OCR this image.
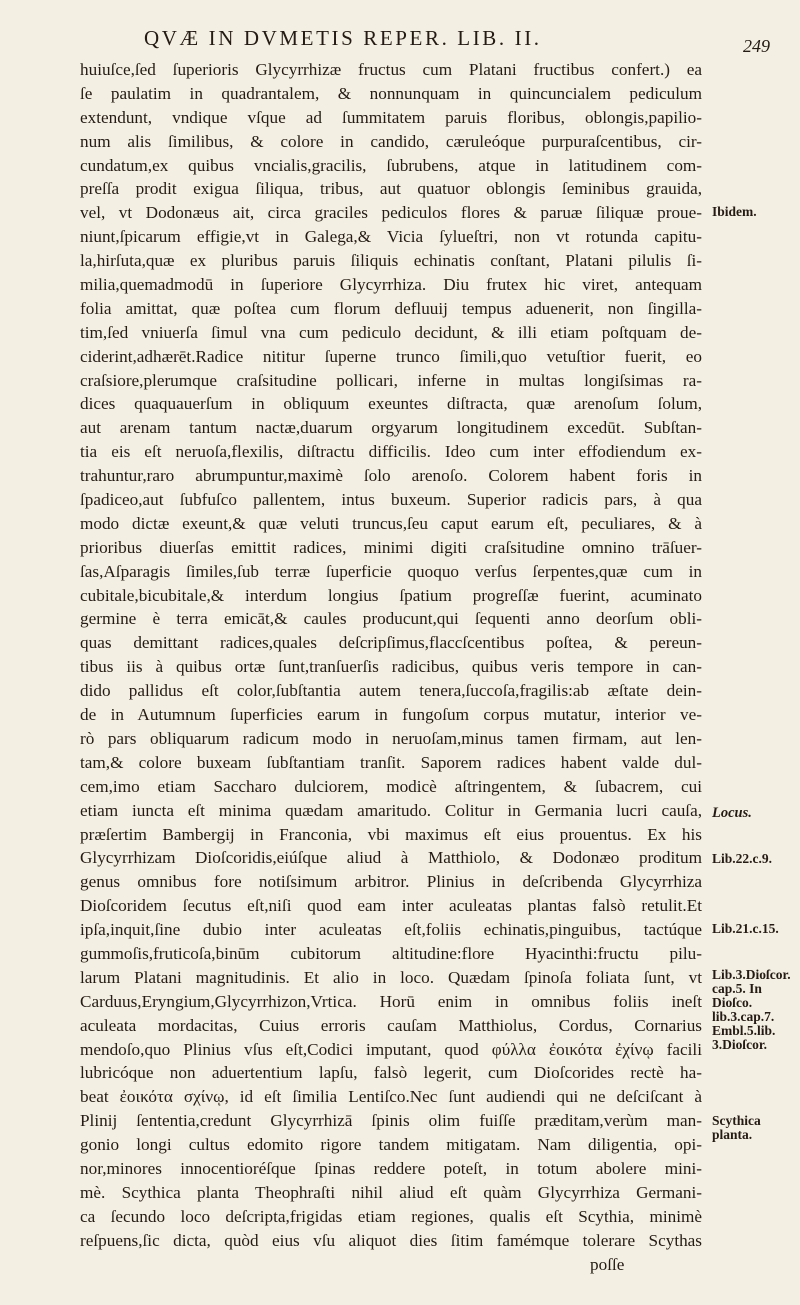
QVÆ IN DVMETIS REPER. LIB. II.	249
huiuſce,ſed ſuperioris Glycyrrhizæ fructus cum Platani fructibus confert.) ea
ſe paulatim in quadrantalem, & nonnunquam in quincuncialem pediculum
extendunt, vndique vſque ad ſummitatem paruis floribus, oblongis,papilio-
num alis ſimilibus, & colore in candido, cæruleóque purpuraſcentibus, cir-
cundatum,ex quibus vncialis,gracilis, ſubrubens, atque in latitudinem com-
preſſa prodit exigua ſiliqua, tribus, aut quatuor oblongis ſeminibus grauida,
vel, vt Dodonæus ait, circa graciles pediculos flores & paruæ ſiliquæ proue-
niunt,ſpicarum effigie,vt in Galega,& Vicia ſylueſtri, non vt rotunda capitu-
la,hirſuta,quæ ex pluribus paruis ſiliquis echinatis conſtant, Platani pilulis ſi-
milia,quemadmodū in ſuperiore Glycyrrhiza. Diu frutex hic viret, antequam
folia amittat, quæ poſtea cum florum defluuij tempus aduenerit, non ſingilla-
tim,ſed vniuerſa ſimul vna cum pediculo decidunt, & illi etiam poſtquam de-
ciderint,adhærēt.Radice nititur ſuperne trunco ſimili,quo vetuſtior fuerit, eo
craſsiore,plerumque craſsitudine pollicari, inferne in multas longiſsimas ra-
dices quaquauerſum in obliquum exeuntes diſtracta, quæ arenoſum ſolum,
aut arenam tantum nactæ,duarum orgyarum longitudinem excedūt. Subſtan-
tia eis eſt neruoſa,flexilis, diſtractu difficilis. Ideo cum inter effodiendum ex-
trahuntur,raro abrumpuntur,maximè ſolo arenoſo. Colorem habent foris in
ſpadiceo,aut ſubfuſco pallentem, intus buxeum. Superior radicis pars, à qua
modo dictæ exeunt,& quæ veluti truncus,ſeu caput earum eſt, peculiares, & à
prioribus diuerſas emittit radices, minimi digiti craſsitudine omnino trāſuer-
ſas,Aſparagis ſimiles,ſub terræ ſuperficie quoquo verſus ſerpentes,quæ cum in
cubitale,bicubitale,& interdum longius ſpatium progreſſæ fuerint, acuminato
germine è terra emicāt,& caules producunt,qui ſequenti anno deorſum obli-
quas demittant radices,quales deſcripſimus,flaccſcentibus poſtea, & pereun-
tibus iis à quibus ortæ ſunt,tranſuerſis radicibus, quibus veris tempore in can-
dido pallidus eſt color,ſubſtantia autem tenera,ſuccoſa,fragilis:ab æſtate dein-
de in Autumnum ſuperficies earum in fungoſum corpus mutatur, interior ve-
rò pars obliquarum radicum modo in neruoſam,minus tamen firmam, aut len-
tam,& colore buxeam ſubſtantiam tranſit. Saporem radices habent valde dul-
cem,imo etiam Saccharo dulciorem, modicè aſtringentem, & ſubacrem, cui
etiam iuncta eſt minima quædam amaritudo. Colitur in Germania lucri cauſa,
præſertim Bambergij in Franconia, vbi maximus eſt eius prouentus. Ex his
Glycyrrhizam Dioſcoridis,eiúſque aliud à Matthiolo, & Dodonæo proditum
genus omnibus fore notiſsimum arbitror. Plinius in deſcribenda Glycyrrhiza
Dioſcoridem ſecutus eſt,niſi quod eam inter aculeatas plantas falsò retulit.Et
ipſa,inquit,ſine dubio inter aculeatas eſt,foliis echinatis,pinguibus, tactúque
gummoſis,fruticoſa,binūm cubitorum altitudine:flore Hyacinthi:fructu pilu-
larum Platani magnitudinis. Et alio in loco. Quædam ſpinoſa foliata ſunt, vt
Carduus,Eryngium,Glycyrrhizon,Vrtica. Horū enim in omnibus foliis ineſt
aculeata mordacitas, Cuius erroris cauſam Matthiolus, Cordus, Cornarius
mendoſo,quo Plinius vſus eſt,Codici imputant, quod φύλλα ἐοικότα ἐχίνῳ facili
lubricóque non aduertentium lapſu, falsò legerit, cum Dioſcorides rectè ha-
beat ἐοικότα σχίνῳ, id eſt ſimilia Lentiſco.Nec ſunt audiendi qui ne deſciſcant à
Plinij ſententia,credunt Glycyrrhizā ſpinis olim fuiſſe præditam,verùm man-
gonio longi cultus edomito rigore tandem mitigatam. Nam diligentia, opi-
nor,minores innocentioréſque ſpinas reddere poteſt, in totum abolere mini-
mè. Scythica planta Theophraſti nihil aliud eſt quàm Glycyrrhiza Germani-
ca ſecundo loco deſcripta,frigidas etiam regiones, qualis eſt Scythia, minimè
reſpuens,ſic dicta, quòd eius vſu aliquot dies ſitim famémque tolerare Scythas
poſſe
Ibidem.
Locus.
Lib.22.c.9.
Lib.21.c.15.
Lib.3.Dioſcor. cap.5. In Dioſco. lib.3.cap.7. Embl.5.lib. 3.Dioſcor.
Scythica planta.
